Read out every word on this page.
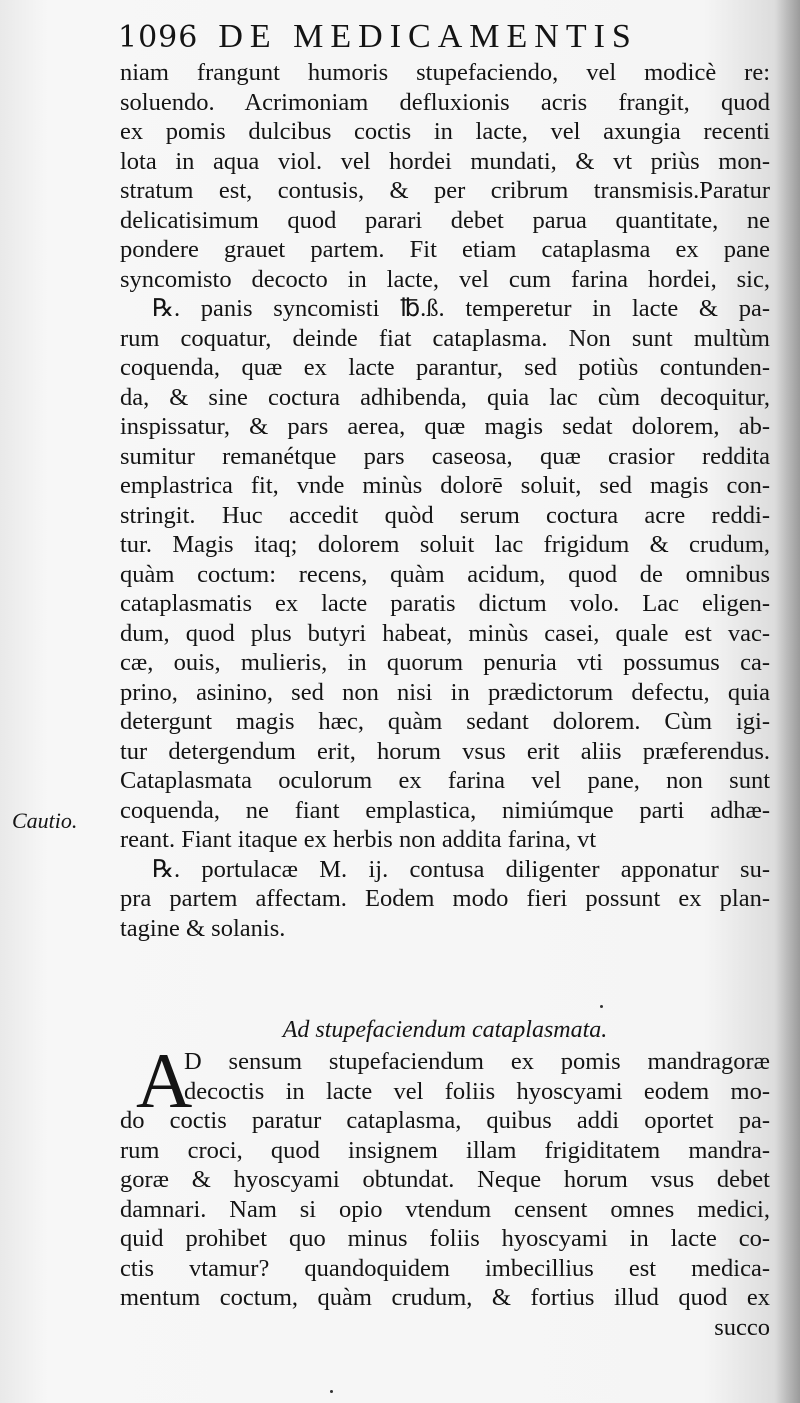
1096 DE MEDICAMENTIS
Cautio.
niam frangunt humoris stupefaciendo, vel modicè re:
soluendo. Acrimoniam defluxionis acris frangit, quod
ex pomis dulcibus coctis in lacte, vel axungia recenti
lota in aqua viol. vel hordei mundati, & vt priùs mon-
stratum est, contusis, & per cribrum transmisis.Paratur
delicatisimum quod parari debet parua quantitate, ne
pondere grauet partem. Fit etiam cataplasma ex pane
syncomisto decocto in lacte, vel cum farina hordei, sic,
℞. panis syncomisti ℔.ß. temperetur in lacte & pa-
rum coquatur, deinde fiat cataplasma. Non sunt multùm
coquenda, quæ ex lacte parantur, sed potiùs contunden-
da, & sine coctura adhibenda, quia lac cùm decoquitur,
inspissatur, & pars aerea, quæ magis sedat dolorem, ab-
sumitur remanétque pars caseosa, quæ crasior reddita
emplastrica fit, vnde minùs dolorē soluit, sed magis con-
stringit. Huc accedit quòd serum coctura acre reddi-
tur. Magis itaq; dolorem soluit lac frigidum & crudum,
quàm coctum: recens, quàm acidum, quod de omnibus
cataplasmatis ex lacte paratis dictum volo. Lac eligen-
dum, quod plus butyri habeat, minùs casei, quale est vac-
cæ, ouis, mulieris, in quorum penuria vti possumus ca-
prino, asinino, sed non nisi in prædictorum defectu, quia
detergunt magis hæc, quàm sedant dolorem. Cùm igi-
tur detergendum erit, horum vsus erit aliis præferendus.
Cataplasmata oculorum ex farina vel pane, non sunt
coquenda, ne fiant emplastica, nimiúmque parti adhæ-
reant. Fiant itaque ex herbis non addita farina, vt
℞. portulacæ M. ij. contusa diligenter apponatur su-
pra partem affectam. Eodem modo fieri possunt ex plan-
tagine & solanis.
Ad stupefaciendum cataplasmata.
A
D sensum stupefaciendum ex pomis mandragoræ
decoctis in lacte vel foliis hyoscyami eodem mo-
do coctis paratur cataplasma, quibus addi oportet pa-
rum croci, quod insignem illam frigiditatem mandra-
goræ & hyoscyami obtundat. Neque horum vsus debet
damnari. Nam si opio vtendum censent omnes medici,
quid prohibet quo minus foliis hyoscyami in lacte co-
ctis vtamur? quandoquidem imbecillius est medica-
mentum coctum, quàm crudum, & fortius illud quod ex
succo
